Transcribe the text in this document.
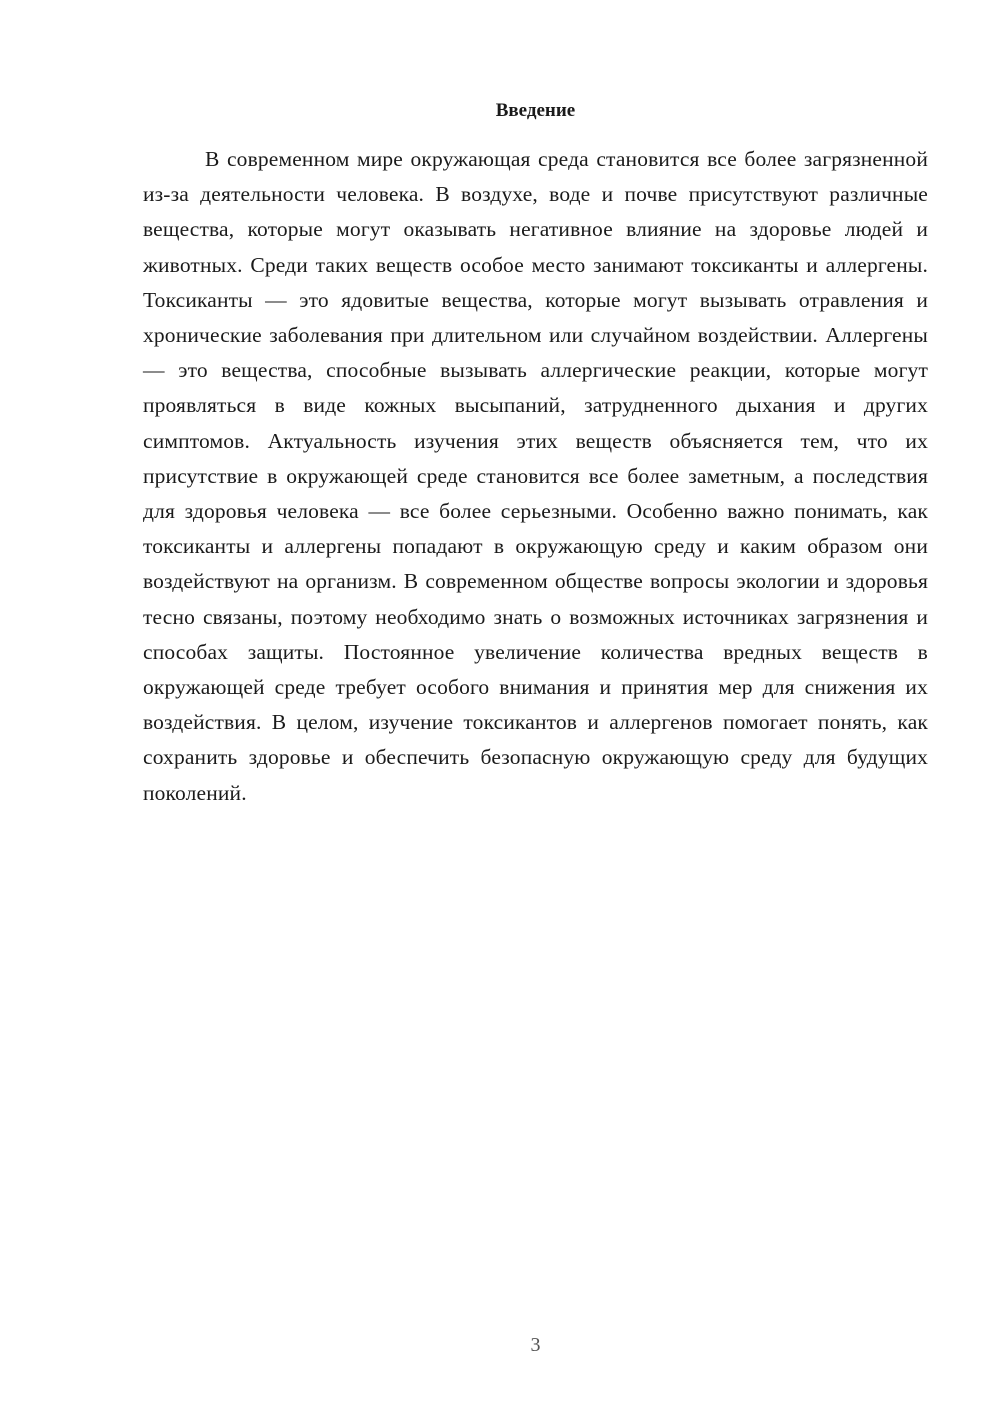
Введение

В современном мире окружающая среда становится все более загрязненной из-за деятельности человека. В воздухе, воде и почве присутствуют различные вещества, которые могут оказывать негативное влияние на здоровье людей и животных. Среди таких веществ особое место занимают токсиканты и аллергены. Токсиканты — это ядовитые вещества, которые могут вызывать отравления и хронические заболевания при длительном или случайном воздействии. Аллергены — это вещества, способные вызывать аллергические реакции, которые могут проявляться в виде кожных высыпаний, затрудненного дыхания и других симптомов. Актуальность изучения этих веществ объясняется тем, что их присутствие в окружающей среде становится все более заметным, а последствия для здоровья человека — все более серьезными. Особенно важно понимать, как токсиканты и аллергены попадают в окружающую среду и каким образом они воздействуют на организм. В современном обществе вопросы экологии и здоровья тесно связаны, поэтому необходимо знать о возможных источниках загрязнения и способах защиты. Постоянное увеличение количества вредных веществ в окружающей среде требует особого внимания и принятия мер для снижения их воздействия. В целом, изучение токсикантов и аллергенов помогает понять, как сохранить здоровье и обеспечить безопасную окружающую среду для будущих поколений.

3
